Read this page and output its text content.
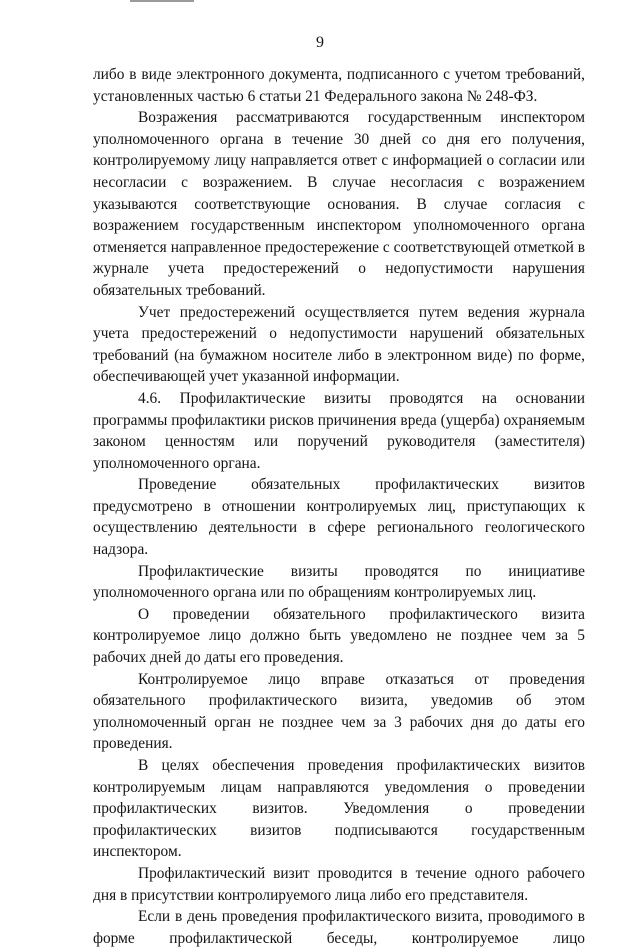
9

либо в виде электронного документа, подписанного с учетом требований, установленных частью 6 статьи 21 Федерального закона № 248-ФЗ.

Возражения рассматриваются государственным инспектором уполномоченного органа в течение 30 дней со дня его получения, контролируемому лицу направляется ответ с информацией о согласии или несогласии с возражением. В случае несогласия с возражением указываются соответствующие основания. В случае согласия с возражением государственным инспектором уполномоченного органа отменяется направленное предостережение с соответствующей отметкой в журнале учета предостережений о недопустимости нарушения обязательных требований.

Учет предостережений осуществляется путем ведения журнала учета предостережений о недопустимости нарушений обязательных требований (на бумажном носителе либо в электронном виде) по форме, обеспечивающей учет указанной информации.

4.6. Профилактические визиты проводятся на основании программы профилактики рисков причинения вреда (ущерба) охраняемым законом ценностям или поручений руководителя (заместителя) уполномоченного органа.

Проведение обязательных профилактических визитов предусмотрено в отношении контролируемых лиц, приступающих к осуществлению деятельности в сфере регионального геологического надзора.

Профилактические визиты проводятся по инициативе уполномоченного органа или по обращениям контролируемых лиц.

О проведении обязательного профилактического визита контролируемое лицо должно быть уведомлено не позднее чем за 5 рабочих дней до даты его проведения.

Контролируемое лицо вправе отказаться от проведения обязательного профилактического визита, уведомив об этом уполномоченный орган не позднее чем за 3 рабочих дня до даты его проведения.

В целях обеспечения проведения профилактических визитов контролируемым лицам направляются уведомления о проведении профилактических визитов. Уведомления о проведении профилактических визитов подписываются государственным инспектором.

Профилактический визит проводится в течение одного рабочего дня в присутствии контролируемого лица либо его представителя.

Если в день проведения профилактического визита, проводимого в форме профилактической беседы, контролируемое лицо
